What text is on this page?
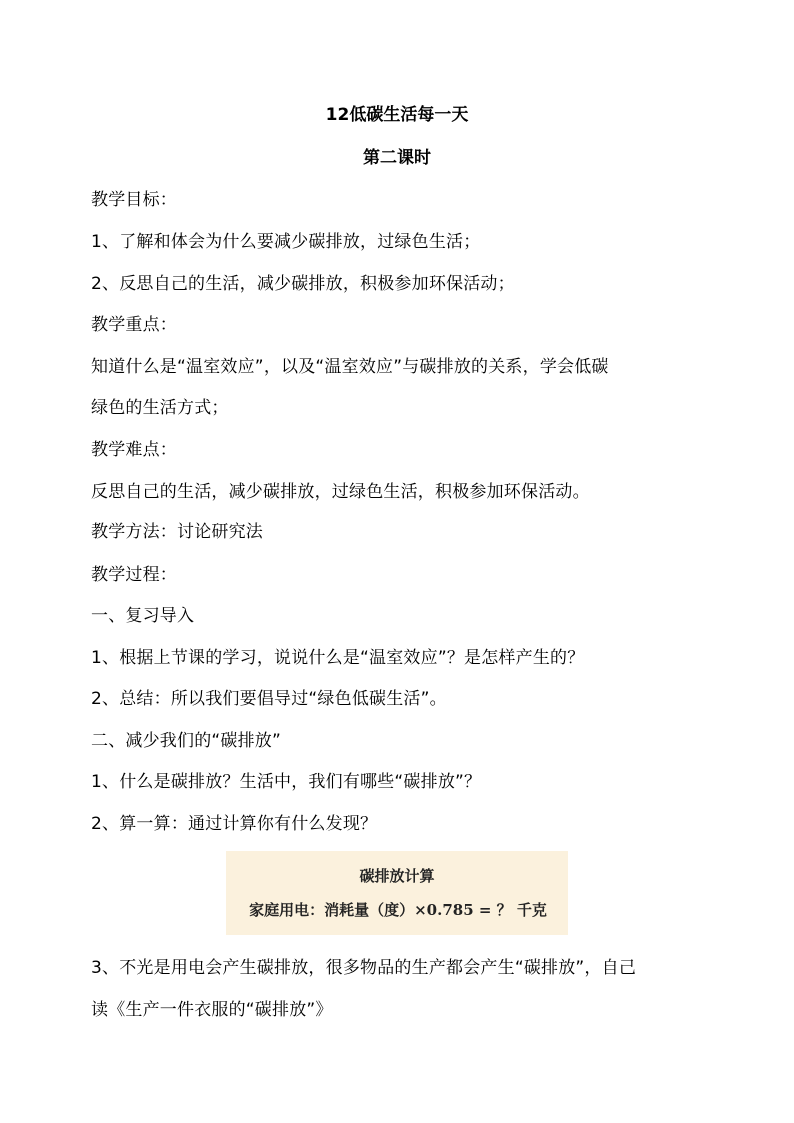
12低碳生活每一天
第二课时
教学目标：
1、了解和体会为什么要减少碳排放，过绿色生活；
2、反思自己的生活，减少碳排放，积极参加环保活动；
教学重点：
知道什么是“温室效应”，以及“温室效应”与碳排放的关系，学会低碳
绿色的生活方式；
教学难点：
反思自己的生活，减少碳排放，过绿色生活，积极参加环保活动。
教学方法：讨论研究法
教学过程：
一、复习导入
1、根据上节课的学习，说说什么是“温室效应”？是怎样产生的？
2、总结：所以我们要倡导过“绿色低碳生活”。
二、减少我们的“碳排放”
1、什么是碳排放？生活中，我们有哪些“碳排放”？
2、算一算：通过计算你有什么发现？
碳排放计算
家庭用电：消耗量（度）×0.785 = ？ 千克
3、不光是用电会产生碳排放，很多物品的生产都会产生“碳排放”，自己
读《生产一件衣服的“碳排放”》
